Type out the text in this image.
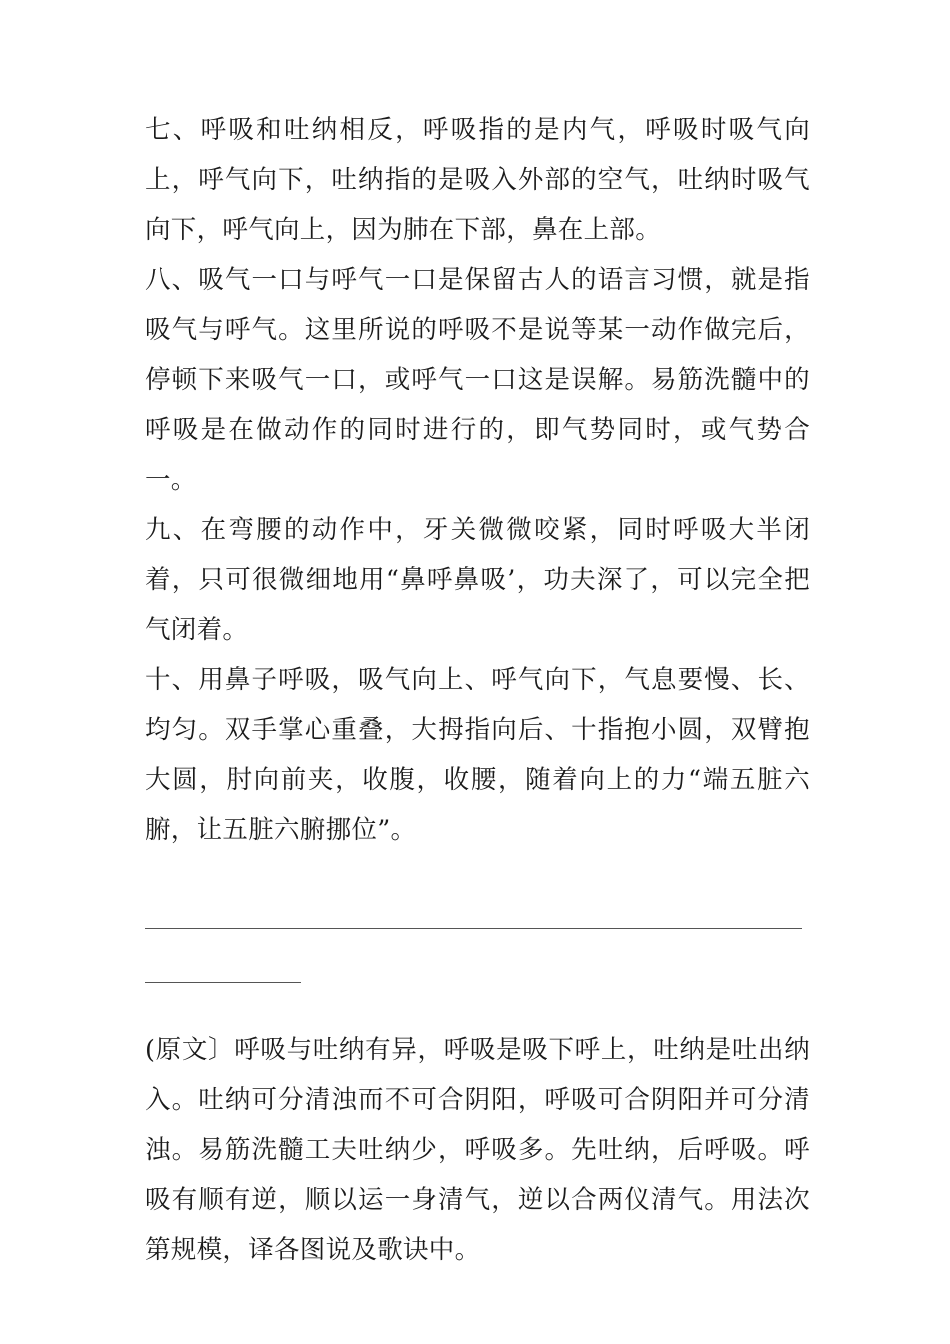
七、呼吸和吐纳相反，呼吸指的是内气，呼吸时吸气向上，呼气向下，吐纳指的是吸入外部的空气，吐纳时吸气向下，呼气向上，因为肺在下部，鼻在上部。

八、吸气一口与呼气一口是保留古人的语言习惯，就是指吸气与呼气。这里所说的呼吸不是说等某一动作做完后，停顿下来吸气一口，或呼气一口这是误解。易筋洗髓中的呼吸是在做动作的同时进行的，即气势同时，或气势合一。

九、在弯腰的动作中，牙关微微咬紧，同时呼吸大半闭着，只可很微细地用“鼻呼鼻吸’，功夫深了，可以完全把气闭着。

十、用鼻子呼吸，吸气向上、呼气向下，气息要慢、长、均匀。双手掌心重叠，大拇指向后、十指抱小圆，双臂抱大圆，肘向前夹，收腹，收腰，随着向上的力“端五脏六腑，让五脏六腑挪位”。

(原文〕呼吸与吐纳有异，呼吸是吸下呼上，吐纳是吐出纳入。吐纳可分清浊而不可合阴阳，呼吸可合阴阳并可分清浊。易筋洗髓工夫吐纳少，呼吸多。先吐纳，后呼吸。呼吸有顺有逆，顺以运一身清气，逆以合两仪清气。用法次第规模，译各图说及歌诀中。
